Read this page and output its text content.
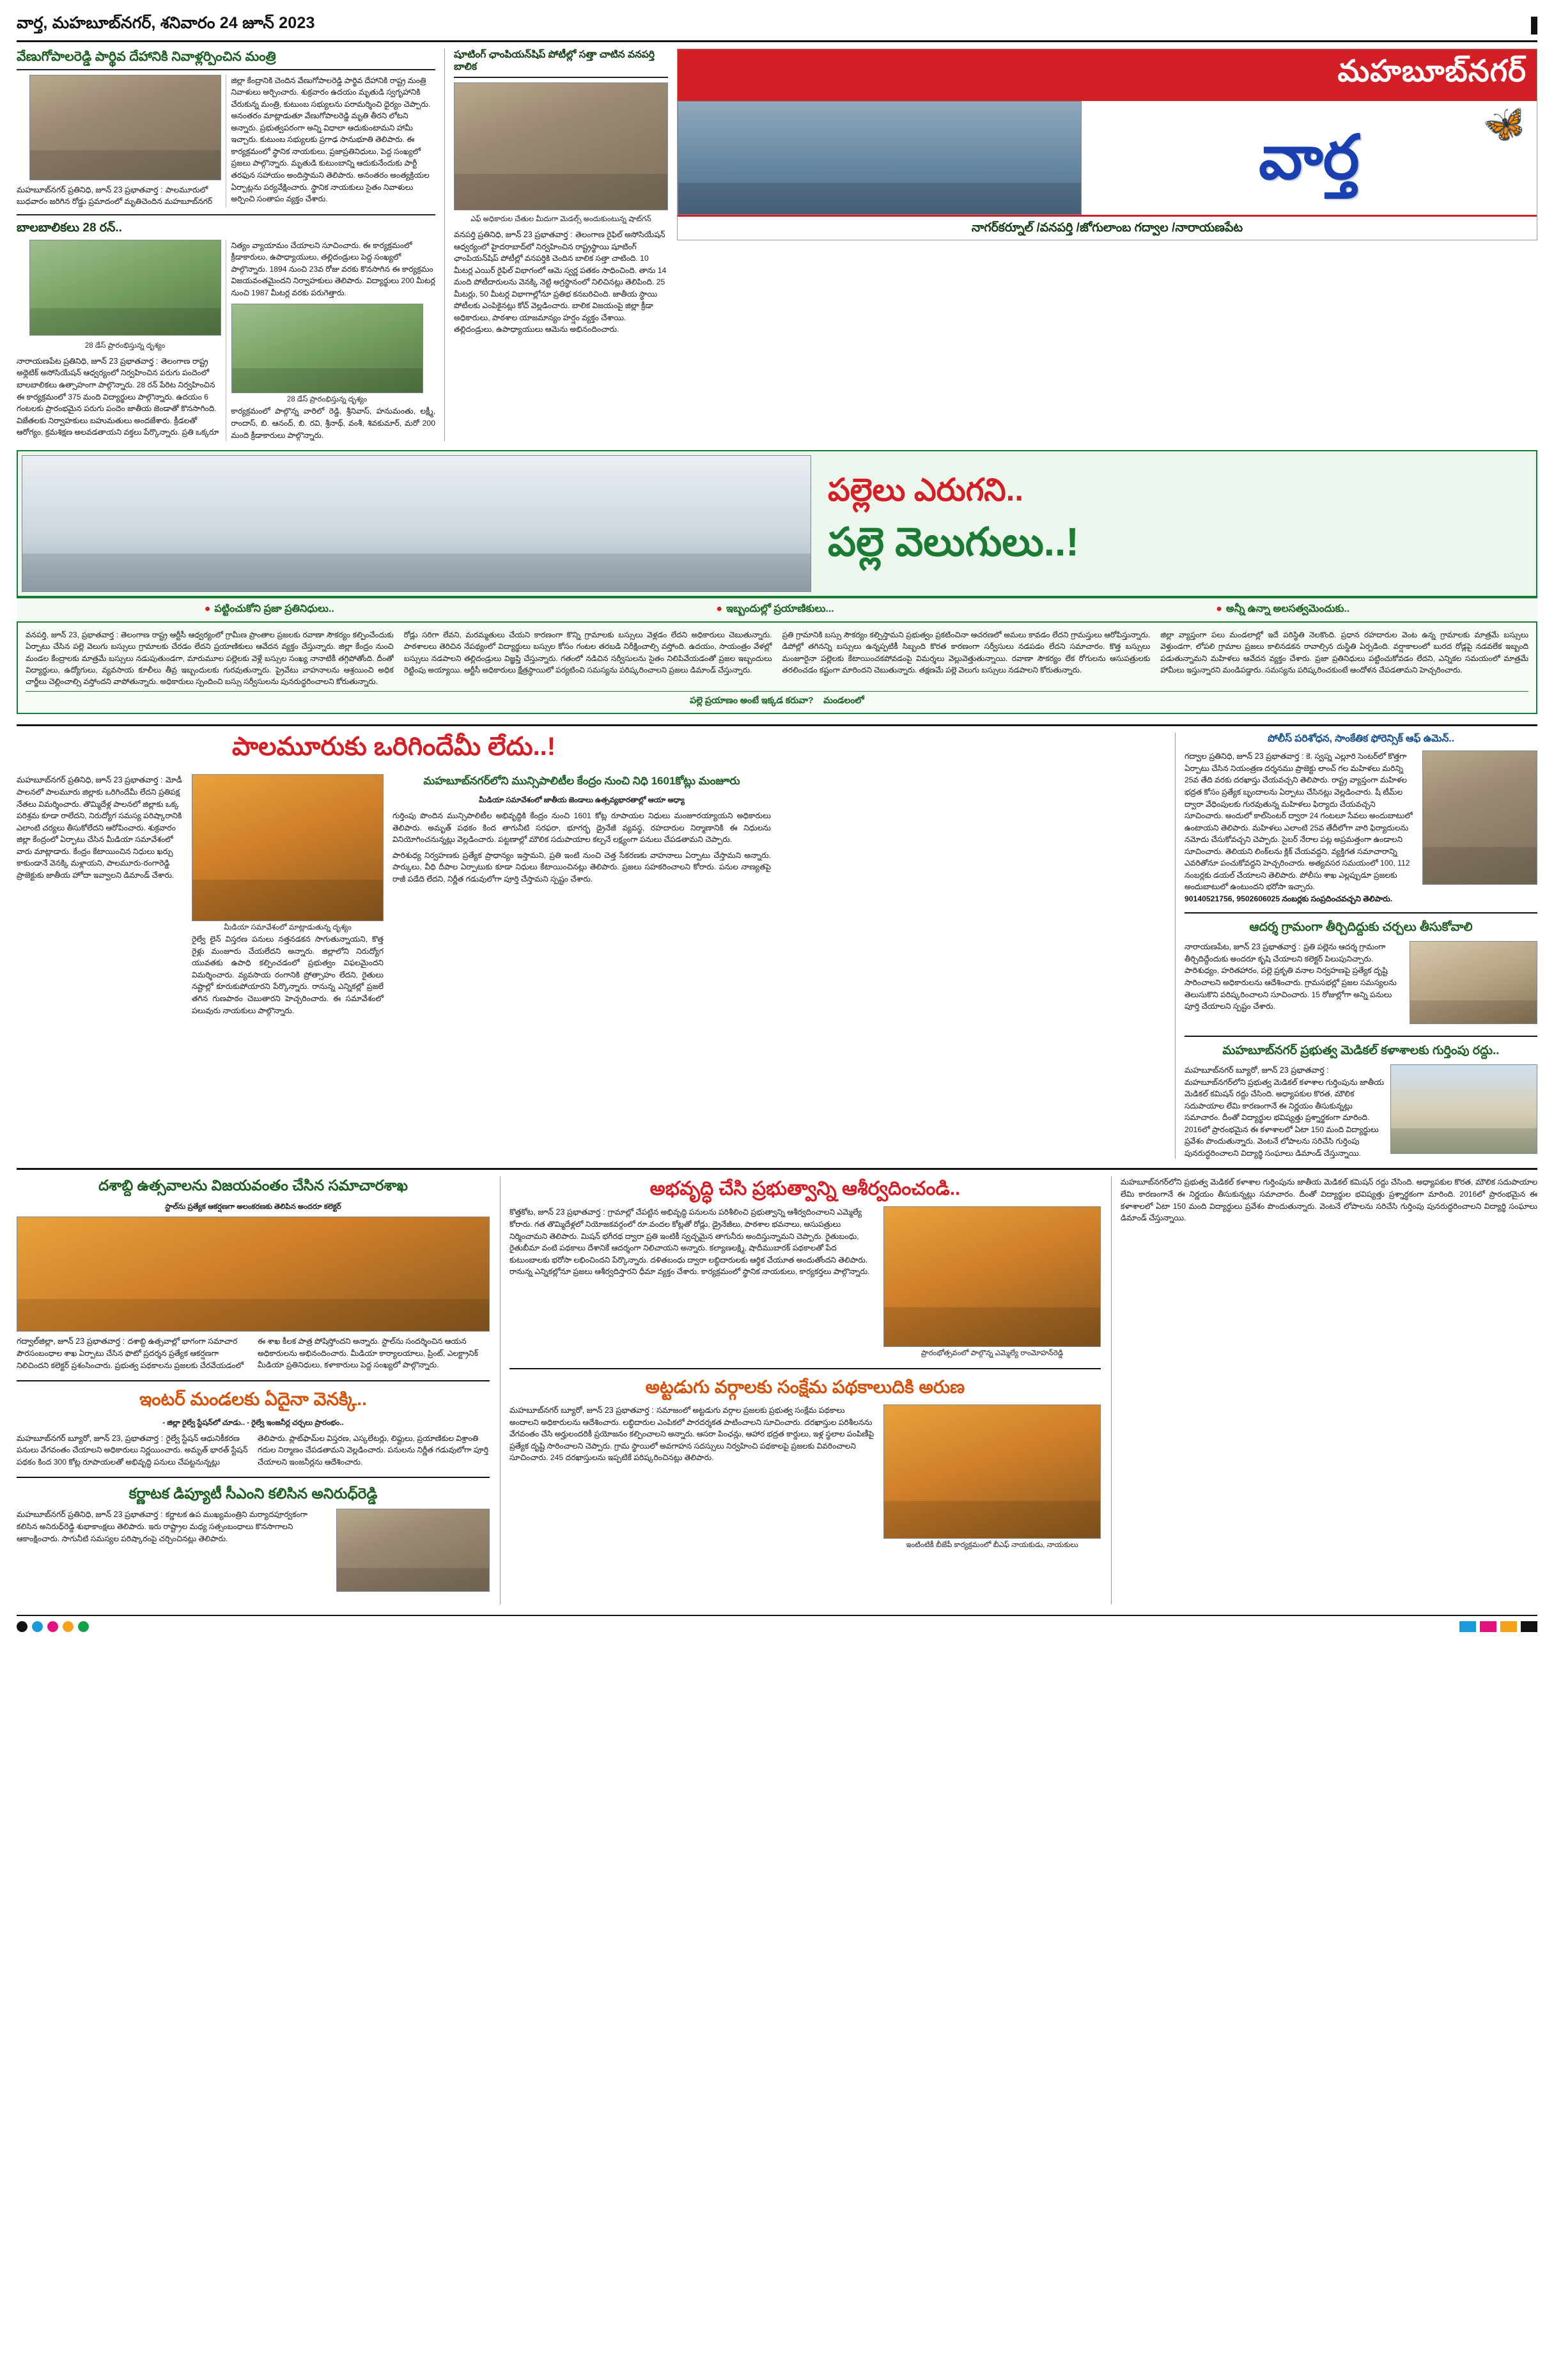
వార్త, మహబూబ్‌నగర్, శనివారం 24 జూన్ 2023
వేణుగోపాలరెడ్డి పార్థివ దేహానికి నివాళ్లర్పించిన మంత్రి
మహబూబ్‌నగర్ ప్రతినిధి, జూన్ 23 ప్రభాతవార్త : పాలమూరులో బుధవారం జరిగిన రోడ్డు ప్రమాదంలో మృతిచెందిన మహబూబ్‌నగర్ జిల్లా కేంద్రానికి చెందిన వేణుగోపాలరెడ్డి పార్థివ దేహానికి రాష్ట్ర మంత్రి నివాళులు అర్పించారు. శుక్రవారం ఉదయం మృతుడి స్వగృహానికి చేరుకున్న మంత్రి, కుటుంబ సభ్యులను పరామర్శించి ధైర్యం చెప్పారు. అనంతరం మాట్లాడుతూ వేణుగోపాలరెడ్డి మృతి తీరని లోటని అన్నారు. ప్రభుత్వపరంగా అన్ని విధాలా ఆదుకుంటామని హామీ ఇచ్చారు. కుటుంబ సభ్యులకు ప్రగాఢ సానుభూతి తెలిపారు. ఈ కార్యక్రమంలో స్థానిక నాయకులు, ప్రజాప్రతినిధులు, పెద్ద సంఖ్యలో ప్రజలు పాల్గొన్నారు. మృతుడి కుటుంబాన్ని ఆదుకునేందుకు పార్టీ తరఫున సహాయం అందిస్తామని తెలిపారు. అనంతరం అంత్యక్రియల ఏర్పాట్లను పర్యవేక్షించారు. స్థానిక నాయకులు సైతం నివాళులు అర్పించి సంతాపం వ్యక్తం చేశారు.
బాలబాలికలు 28 రన్..
28 డేస్ ప్రారంభిస్తున్న దృశ్యం
నారాయణపేట ప్రతినిధి, జూన్ 23 ప్రభాతవార్త : తెలంగాణ రాష్ట్ర అథ్లెటిక్ అసోసియేషన్ ఆధ్వర్యంలో నిర్వహించిన పరుగు పందెంలో బాలబాలికలు ఉత్సాహంగా పాల్గొన్నారు. 28 రన్ పేరిట నిర్వహించిన ఈ కార్యక్రమంలో 375 మంది విద్యార్థులు పాల్గొన్నారు. ఉదయం 6 గంటలకు ప్రారంభమైన పరుగు పందెం జాతీయ జెండాతో కొనసాగింది. విజేతలకు నిర్వాహకులు బహుమతులు అందజేశారు. క్రీడలతో ఆరోగ్యం, క్రమశిక్షణ అలవడతాయని వక్తలు పేర్కొన్నారు. ప్రతి ఒక్కరూ నిత్యం వ్యాయామం చేయాలని సూచించారు. ఈ కార్యక్రమంలో క్రీడాకారులు, ఉపాధ్యాయులు, తల్లిదండ్రులు పెద్ద సంఖ్యలో పాల్గొన్నారు. 1894 నుంచి 23వ రోజు వరకు కొనసాగిన ఈ కార్యక్రమం విజయవంతమైందని నిర్వాహకులు తెలిపారు. విద్యార్థులు 200 మీటర్ల నుంచి 1987 మీటర్ల వరకు పరుగెత్తారు.
28 డేస్ ప్రారంభిస్తున్న దృశ్యం
కార్యక్రమంలో పాల్గొన్న వారిలో రెడ్డి, శ్రీనివాస్, హనుమంతు, లక్ష్మీ, రాందాస్, బి. ఆనంద్, బి. రవి, శ్రీనాథ్, వంశీ, శివకుమార్, మరో 200 మంది క్రీడాకారులు పాల్గొన్నారు.
షూటింగ్ ఛాంపియన్‌షిప్ పోటీల్లో సత్తా చాటిన వనపర్తి బాలిక
ఎఫ్ అధికారుల చేతుల మీదుగా మెడల్స్ అందుకుంటున్న షాట్‌గన్
వనపర్తి ప్రతినిధి, జూన్ 23 ప్రభాతవార్త : తెలంగాణ రైఫిల్ అసోసియేషన్ ఆధ్వర్యంలో హైదరాబాద్‌లో నిర్వహించిన రాష్ట్రస్థాయి షూటింగ్ ఛాంపియన్‌షిప్ పోటీల్లో వనపర్తికి చెందిన బాలిక సత్తా చాటింది. 10 మీటర్ల ఎయిర్ రైఫిల్ విభాగంలో ఆమె స్వర్ణ పతకం సాధించింది. తాను 14 మంది పోటీదారులను వెనక్కి నెట్టి అగ్రస్థానంలో నిలిచినట్లు తెలిపింది. 25 మీటర్లు, 50 మీటర్ల విభాగాల్లోనూ ప్రతిభ కనబరిచింది. జాతీయ స్థాయి పోటీలకు ఎంపికైనట్లు కోచ్ వెల్లడించారు. బాలిక విజయంపై జిల్లా క్రీడా అధికారులు, పాఠశాల యాజమాన్యం హర్షం వ్యక్తం చేశాయి. తల్లిదండ్రులు, ఉపాధ్యాయులు ఆమెను అభినందించారు.
మహబూబ్‌నగర్
🦋
వార్త
నాగర్‌కర్నూల్ /వనపర్తి /జోగులాంబ గద్వాల /నారాయణపేట
పల్లెలు ఎరుగని..
పల్లె వెలుగులు..!
● పట్టించుకోని ప్రజా ప్రతినిధులు..	● ఇబ్బందుల్లో ప్రయాణికులు...	● అన్నీ ఉన్నా అలసత్వమెందుకు..
వనపర్తి, జూన్ 23, ప్రభాతవార్త : తెలంగాణ రాష్ట్ర ఆర్టీసీ ఆధ్వర్యంలో గ్రామీణ ప్రాంతాల ప్రజలకు రవాణా సౌకర్యం కల్పించేందుకు ఏర్పాటు చేసిన పల్లె వెలుగు బస్సులు గ్రామాలకు చేరడం లేదని ప్రయాణికులు ఆవేదన వ్యక్తం చేస్తున్నారు. జిల్లా కేంద్రం నుంచి మండల కేంద్రాలకు మాత్రమే బస్సులు నడుపుతుండగా, మారుమూల పల్లెలకు వెళ్లే బస్సుల సంఖ్య నానాటికీ తగ్గిపోతోంది. దీంతో విద్యార్థులు, ఉద్యోగులు, వ్యవసాయ కూలీలు తీవ్ర ఇబ్బందులకు గురవుతున్నారు. ప్రైవేటు వాహనాలను ఆశ్రయించి అధిక చార్జీలు చెల్లించాల్సి వస్తోందని వాపోతున్నారు. అధికారులు స్పందించి బస్సు సర్వీసులను పునరుద్ధరించాలని కోరుతున్నారు.
రోడ్లు సరిగా లేవని, మరమ్మతులు చేయని కారణంగా కొన్ని గ్రామాలకు బస్సులు వెళ్లడం లేదని అధికారులు చెబుతున్నారు. పాఠశాలలు తెరిచిన నేపథ్యంలో విద్యార్థులు బస్సుల కోసం గంటల తరబడి నిరీక్షించాల్సి వస్తోంది. ఉదయం, సాయంత్రం వేళల్లో బస్సులు నడపాలని తల్లిదండ్రులు విజ్ఞప్తి చేస్తున్నారు. గతంలో నడిచిన సర్వీసులను సైతం నిలిపివేయడంతో ప్రజల ఇబ్బందులు రెట్టింపు అయ్యాయి. ఆర్టీసీ అధికారులు క్షేత్రస్థాయిలో పర్యటించి సమస్యను పరిష్కరించాలని ప్రజలు డిమాండ్ చేస్తున్నారు.
ప్రతి గ్రామానికి బస్సు సౌకర్యం కల్పిస్తామని ప్రభుత్వం ప్రకటించినా ఆచరణలో అమలు కావడం లేదని గ్రామస్తులు ఆరోపిస్తున్నారు. డిపోల్లో తగినన్ని బస్సులు ఉన్నప్పటికీ సిబ్బంది కొరత కారణంగా సర్వీసులు నడపడం లేదని సమాచారం. కొత్త బస్సులు మంజూరైనా పల్లెలకు కేటాయించకపోవడంపై విమర్శలు వెల్లువెత్తుతున్నాయి. రవాణా సౌకర్యం లేక రోగులను ఆసుపత్రులకు తరలించడం కష్టంగా మారిందని చెబుతున్నారు. తక్షణమే పల్లె వెలుగు బస్సులు నడపాలని కోరుతున్నారు.
జిల్లా వ్యాప్తంగా పలు మండలాల్లో ఇదే పరిస్థితి నెలకొంది. ప్రధాన రహదారుల వెంట ఉన్న గ్రామాలకు మాత్రమే బస్సులు వెళ్తుండగా, లోపలి గ్రామాల ప్రజలు కాలినడకన రావాల్సిన దుస్థితి ఏర్పడింది. వర్షాకాలంలో బురద రోడ్లపై నడవలేక ఇబ్బంది పడుతున్నామని మహిళలు ఆవేదన వ్యక్తం చేశారు. ప్రజా ప్రతినిధులు పట్టించుకోవడం లేదని, ఎన్నికల సమయంలో మాత్రమే హామీలు ఇస్తున్నారని మండిపడ్డారు. సమస్యను పరిష్కరించకుంటే ఆందోళన చేపడతామని హెచ్చరించారు.
పల్లె ప్రయాణం అంటే ఇక్కడ కరువా? మండలంలో
పాలమూరుకు ఒరిగిందేమీ లేదు..!
మహబూబ్‌నగర్ ప్రతినిధి, జూన్ 23 ప్రభాతవార్త : మోడీ పాలనలో పాలమూరు జిల్లాకు ఒరిగిందేమీ లేదని ప్రతిపక్ష నేతలు విమర్శించారు. తొమ్మిదేళ్ల పాలనలో జిల్లాకు ఒక్క పరిశ్రమ కూడా రాలేదని, నిరుద్యోగ సమస్య పరిష్కారానికి ఎలాంటి చర్యలు తీసుకోలేదని ఆరోపించారు. శుక్రవారం జిల్లా కేంద్రంలో ఏర్పాటు చేసిన మీడియా సమావేశంలో వారు మాట్లాడారు. కేంద్రం కేటాయించిన నిధులు ఖర్చు కాకుండానే వెనక్కి మళ్లాయని, పాలమూరు-రంగారెడ్డి ప్రాజెక్టుకు జాతీయ హోదా ఇవ్వాలని డిమాండ్ చేశారు.
మీడియా సమావేశంలో మాట్లాడుతున్న దృశ్యం
రైల్వే లైన్ విస్తరణ పనులు నత్తనడకన సాగుతున్నాయని, కొత్త రైళ్లు మంజూరు చేయలేదని అన్నారు. జిల్లాలోని నిరుద్యోగ యువతకు ఉపాధి కల్పించడంలో ప్రభుత్వం విఫలమైందని విమర్శించారు. వ్యవసాయ రంగానికి ప్రోత్సాహం లేదని, రైతులు నష్టాల్లో కూరుకుపోయారని పేర్కొన్నారు. రానున్న ఎన్నికల్లో ప్రజలే తగిన గుణపాఠం చెబుతారని హెచ్చరించారు. ఈ సమావేశంలో పలువురు నాయకులు పాల్గొన్నారు.
మహబూబ్‌నగర్‌లోని మున్సిపాలిటీల కేంద్రం నుంచి నిధి 1601కోట్లు మంజూరు
మీడియా సమావేశంలో జాతీయ జెండాలు ఉత్సవ్యభారతాల్లో ఆయా అధ్యా
గుర్తింపు పొందిన మున్సిపాలిటీల అభివృద్ధికి కేంద్రం నుంచి 1601 కోట్ల రూపాయల నిధులు మంజూరయ్యాయని అధికారులు తెలిపారు. అమృత్ పథకం కింద తాగునీటి సరఫరా, భూగర్భ డ్రైనేజీ వ్యవస్థ, రహదారుల నిర్మాణానికి ఈ నిధులను వినియోగించనున్నట్లు వెల్లడించారు. పట్టణాల్లో మౌలిక సదుపాయాల కల్పనే లక్ష్యంగా పనులు చేపడతామని చెప్పారు.
పారిశుధ్య నిర్వహణకు ప్రత్యేక ప్రాధాన్యం ఇస్తామని, ప్రతి ఇంటి నుంచి చెత్త సేకరణకు వాహనాలు ఏర్పాటు చేస్తామని అన్నారు. పార్కులు, వీధి దీపాల ఏర్పాటుకు కూడా నిధులు కేటాయించినట్లు తెలిపారు. ప్రజలు సహకరించాలని కోరారు. పనుల నాణ్యతపై రాజీ పడేది లేదని, నిర్ణీత గడువులోగా పూర్తి చేస్తామని స్పష్టం చేశారు.
పోలీస్ పరిశోధన, సాంకేతిక ఫోరెన్సిక్ ఆఫ్ ఉమెన్..
గద్వాల ప్రతినిధి, జూన్ 23 ప్రభాతవార్త : కె. స్వప్న ఎల్లూరి సెంటర్‌లో కొత్తగా ఏర్పాటు చేసిన నియంత్రణ దర్శనము ప్రాజెక్టు లాంచ్ గల మహిళలు మరిన్ని 25వ తేది వరకు దరఖాస్తు చేయవచ్చని తెలిపారు. రాష్ట్ర వ్యాప్తంగా మహిళల భద్రత కోసం ప్రత్యేక బృందాలను ఏర్పాటు చేసినట్లు వెల్లడించారు. షీ టీమ్‌ల ద్వారా వేధింపులకు గురవుతున్న మహిళలు ఫిర్యాదు చేయవచ్చని సూచించారు. అందులో కాల్‌సెంటర్ ద్వారా 24 గంటలూ సేవలు అందుబాటులో ఉంటాయని తెలిపారు. మహిళలు ఎలాంటి 25వ తేదీలోగా వారి ఫిర్యాదులను నమోదు చేసుకోవచ్చని చెప్పారు. సైబర్ నేరాల పట్ల అప్రమత్తంగా ఉండాలని సూచించారు. తెలియని లింక్‌లను క్లిక్ చేయవద్దని, వ్యక్తిగత సమాచారాన్ని ఎవరితోనూ పంచుకోవద్దని హెచ్చరించారు. అత్యవసర సమయంలో 100, 112 నంబర్లకు డయల్ చేయాలని తెలిపారు. పోలీసు శాఖ ఎల్లప్పుడూ ప్రజలకు అందుబాటులో ఉంటుందని భరోసా ఇచ్చారు.
90140521756, 9502606025 నంబర్లకు సంప్రదించవచ్చని తెలిపారు.
ఆదర్శ గ్రామంగా తీర్చిదిద్దుకు చర్చలు తీసుకోవాలి
నారాయణపేట, జూన్ 23 ప్రభాతవార్త : ప్రతి పల్లెను ఆదర్శ గ్రామంగా తీర్చిదిద్దేందుకు అందరూ కృషి చేయాలని కలెక్టర్ పిలుపునిచ్చారు. పారిశుధ్యం, హరితహారం, పల్లె ప్రకృతి వనాల నిర్వహణపై ప్రత్యేక దృష్టి సారించాలని అధికారులను ఆదేశించారు. గ్రామసభల్లో ప్రజల సమస్యలను తెలుసుకొని పరిష్కరించాలని సూచించారు. 15 రోజుల్లోగా అన్ని పనులు పూర్తి చేయాలని స్పష్టం చేశారు.
మహబూబ్‌నగర్ ప్రభుత్వ మెడికల్ కళాశాలకు గుర్తింపు రద్దు..
మహబూబ్‌నగర్ బ్యూరో, జూన్ 23 ప్రభాతవార్త : మహబూబ్‌నగర్‌లోని ప్రభుత్వ మెడికల్ కళాశాల గుర్తింపును జాతీయ మెడికల్ కమిషన్ రద్దు చేసింది. అధ్యాపకుల కొరత, మౌలిక సదుపాయాల లేమి కారణంగానే ఈ నిర్ణయం తీసుకున్నట్లు సమాచారం. దీంతో విద్యార్థుల భవిష్యత్తు ప్రశ్నార్థకంగా మారింది. 2016లో ప్రారంభమైన ఈ కళాశాలలో ఏటా 150 మంది విద్యార్థులు ప్రవేశం పొందుతున్నారు. వెంటనే లోపాలను సరిచేసి గుర్తింపు పునరుద్ధరించాలని విద్యార్థి సంఘాలు డిమాండ్ చేస్తున్నాయి.
దశాబ్ది ఉత్సవాలను విజయవంతం చేసిన సమాచారశాఖ
స్టాల్‌ను ప్రత్యేక ఆకర్షణగా అలంకరణకు తెలిపిన అందరూ కలెక్టర్
గద్వాల్‌జిల్లా, జూన్ 23 ప్రభాతవార్త : దశాబ్ది ఉత్సవాల్లో భాగంగా సమాచార పౌరసంబంధాల శాఖ ఏర్పాటు చేసిన ఫొటో ప్రదర్శన ప్రత్యేక ఆకర్షణగా నిలిచిందని కలెక్టర్ ప్రశంసించారు. ప్రభుత్వ పథకాలను ప్రజలకు చేరవేయడంలో ఈ శాఖ కీలక పాత్ర పోషిస్తోందని అన్నారు. స్టాల్‌ను సందర్శించిన ఆయన అధికారులను అభినందించారు. మీడియా కార్యాలయాలు, ప్రింట్, ఎలక్ట్రానిక్ మీడియా ప్రతినిధులు, కళాకారులు పెద్ద సంఖ్యలో పాల్గొన్నారు.
ఇంటర్ మండలకు ఏదైనా వెనక్కి..
- జిల్లా రైల్వే స్టేషన్‌లో చూడు.. - రైల్వే ఇంజనీర్ల చర్చలు ప్రారంభం..
మహబూబ్‌నగర్ బ్యూరో, జూన్ 23, ప్రభాతవార్త : రైల్వే స్టేషన్ ఆధునికీకరణ పనులు వేగవంతం చేయాలని అధికారులు నిర్ణయించారు. అమృత్ భారత్ స్టేషన్ పథకం కింద 300 కోట్ల రూపాయలతో అభివృద్ధి పనులు చేపట్టనున్నట్లు తెలిపారు. ప్లాట్‌ఫామ్‌ల విస్తరణ, ఎస్కలేటర్లు, లిఫ్టులు, ప్రయాణికుల విశ్రాంతి గదుల నిర్మాణం చేపడతామని వెల్లడించారు. పనులను నిర్ణీత గడువులోగా పూర్తి చేయాలని ఇంజనీర్లను ఆదేశించారు.
కర్ణాటక డిప్యూటీ సీఎంని కలిసిన అనిరుధ్‌రెడ్డి
మహబూబ్‌నగర్ ప్రతినిధి, జూన్ 23 ప్రభాతవార్త : కర్ణాటక ఉప ముఖ్యమంత్రిని మర్యాదపూర్వకంగా కలిసిన అనిరుధ్‌రెడ్డి శుభాకాంక్షలు తెలిపారు. ఇరు రాష్ట్రాల మధ్య సత్సంబంధాలు కొనసాగాలని ఆకాంక్షించారు. సాగునీటి సమస్యల పరిష్కారంపై చర్చించినట్లు తెలిపారు.
అభవృద్ధి చేసి ప్రభుత్వాన్ని ఆశీర్వదించండి..
కొత్తకోట, జూన్ 23 ప్రభాతవార్త : గ్రామాల్లో చేపట్టిన అభివృద్ధి పనులను పరిశీలించి ప్రభుత్వాన్ని ఆశీర్వదించాలని ఎమ్మెల్యే కోరారు. గత తొమ్మిదేళ్లలో నియోజకవర్గంలో రూ.వందల కోట్లతో రోడ్లు, డ్రైనేజీలు, పాఠశాల భవనాలు, ఆసుపత్రులు నిర్మించామని తెలిపారు. మిషన్ భగీరథ ద్వారా ప్రతి ఇంటికీ స్వచ్ఛమైన తాగునీరు అందిస్తున్నామని చెప్పారు. రైతుబంధు, రైతుబీమా వంటి పథకాలు దేశానికే ఆదర్శంగా నిలిచాయని అన్నారు. కల్యాణలక్ష్మి, షాదీముబారక్ పథకాలతో పేద కుటుంబాలకు భరోసా లభించిందని పేర్కొన్నారు. దళితబంధు ద్వారా లబ్ధిదారులకు ఆర్థిక చేయూత అందుతోందని తెలిపారు. రానున్న ఎన్నికల్లోనూ ప్రజలు ఆశీర్వదిస్తారని ధీమా వ్యక్తం చేశారు. కార్యక్రమంలో స్థానిక నాయకులు, కార్యకర్తలు పాల్గొన్నారు.
ప్రారంభోత్సవంలో పాల్గొన్న ఎమ్మెల్యే రాంమోహన్‌రెడ్డి
అట్టడుగు వర్గాలకు సంక్షేమ పథకాలుదికి అరుణ
మహబూబ్‌నగర్ బ్యూరో, జూన్ 23 ప్రభాతవార్త : సమాజంలో అట్టడుగు వర్గాల ప్రజలకు ప్రభుత్వ సంక్షేమ పథకాలు అందాలని అధికారులను ఆదేశించారు. లబ్ధిదారుల ఎంపికలో పారదర్శకత పాటించాలని సూచించారు. దరఖాస్తుల పరిశీలనను వేగవంతం చేసి అర్హులందరికీ ప్రయోజనం కల్పించాలని అన్నారు. ఆసరా పింఛన్లు, ఆహార భద్రత కార్డులు, ఇళ్ల స్థలాల పంపిణీపై ప్రత్యేక దృష్టి సారించాలని చెప్పారు. గ్రామ స్థాయిలో అవగాహన సదస్సులు నిర్వహించి పథకాలపై ప్రజలకు వివరించాలని సూచించారు. 245 దరఖాస్తులను ఇప్పటికే పరిష్కరించినట్లు తెలిపారు.
ఇంటింటికీ బీజేపీ కార్యక్రమంలో బీఎఫ్ నాయకుడు, నాయకులు
మహబూబ్‌నగర్‌లోని ప్రభుత్వ మెడికల్ కళాశాల గుర్తింపును జాతీయ మెడికల్ కమిషన్ రద్దు చేసింది. అధ్యాపకుల కొరత, మౌలిక సదుపాయాల లేమి కారణంగానే ఈ నిర్ణయం తీసుకున్నట్లు సమాచారం. దీంతో విద్యార్థుల భవిష్యత్తు ప్రశ్నార్థకంగా మారింది. 2016లో ప్రారంభమైన ఈ కళాశాలలో ఏటా 150 మంది విద్యార్థులు ప్రవేశం పొందుతున్నారు. వెంటనే లోపాలను సరిచేసి గుర్తింపు పునరుద్ధరించాలని విద్యార్థి సంఘాలు డిమాండ్ చేస్తున్నాయి.
